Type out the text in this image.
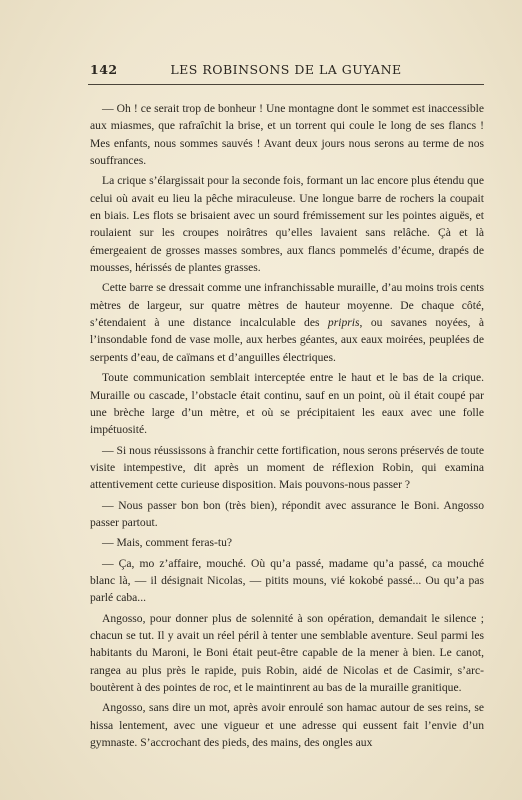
142	LES ROBINSONS DE LA GUYANE

— Oh ! ce serait trop de bonheur ! Une montagne dont le sommet est inaccessible aux miasmes, que rafraîchit la brise, et un torrent qui coule le long de ses flancs ! Mes enfants, nous sommes sauvés ! Avant deux jours nous serons au terme de nos souffrances.

La crique s’élargissait pour la seconde fois, formant un lac encore plus étendu que celui où avait eu lieu la pêche miraculeuse. Une longue barre de rochers la coupait en biais. Les flots se brisaient avec un sourd frémissement sur les pointes aiguës, et roulaient sur les croupes noirâtres qu’elles lavaient sans relâche. Çà et là émergeaient de grosses masses sombres, aux flancs pommelés d’écume, drapés de mousses, hérissés de plantes grasses.

Cette barre se dressait comme une infranchissable muraille, d’au moins trois cents mètres de largeur, sur quatre mètres de hauteur moyenne. De chaque côté, s’étendaient à une distance incalculable des pripris, ou savanes noyées, à l’insondable fond de vase molle, aux herbes géantes, aux eaux moirées, peuplées de serpents d’eau, de caïmans et d’anguilles électriques.

Toute communication semblait interceptée entre le haut et le bas de la crique. Muraille ou cascade, l’obstacle était continu, sauf en un point, où il était coupé par une brèche large d’un mètre, et où se précipitaient les eaux avec une folle impétuosité.

— Si nous réussissons à franchir cette fortification, nous serons préservés de toute visite intempestive, dit après un moment de réflexion Robin, qui examina attentivement cette curieuse disposition. Mais pouvons-nous passer ?

— Nous passer bon bon (très bien), répondit avec assurance le Boni. Angosso passer partout.

— Mais, comment feras-tu?

— Ça, mo z’affaire, mouché. Où qu’a passé, madame qu’a passé, ca mouché blanc là, — il désignait Nicolas, — pitits mouns, vié kokobé passé... Ou qu’a pas parlé caba...

Angosso, pour donner plus de solennité à son opération, demandait le silence ; chacun se tut. Il y avait un réel péril à tenter une semblable aventure. Seul parmi les habitants du Maroni, le Boni était peut-être capable de la mener à bien. Le canot, rangea au plus près le rapide, puis Robin, aidé de Nicolas et de Casimir, s’arc-boutèrent à des pointes de roc, et le maintinrent au bas de la muraille granitique.

Angosso, sans dire un mot, après avoir enroulé son hamac autour de ses reins, se hissa lentement, avec une vigueur et une adresse qui eussent fait l’envie d’un gymnaste. S’accrochant des pieds, des mains, des ongles aux
